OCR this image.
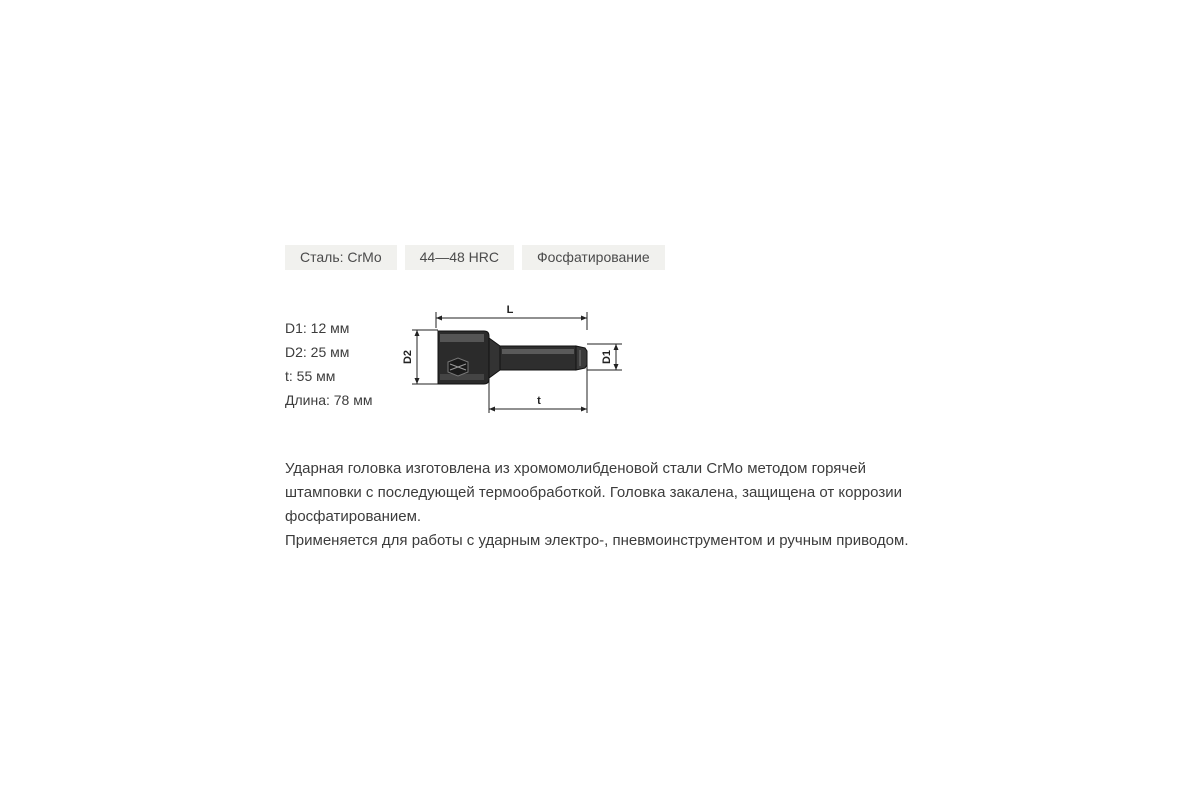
Сталь: CrMo	44—48 HRC	Фосфатирование
D1: 12 мм
D2: 25 мм
t: 55 мм
Длина: 78 мм
L
t
D2	D1

Ударная головка изготовлена из хромомолибденовой стали CrMo методом горячей штамповки с последующей термообработкой. Головка закалена, защищена от коррозии фосфатированием.

Применяется для работы с ударным электро-, пневмоинструментом и ручным приводом.
